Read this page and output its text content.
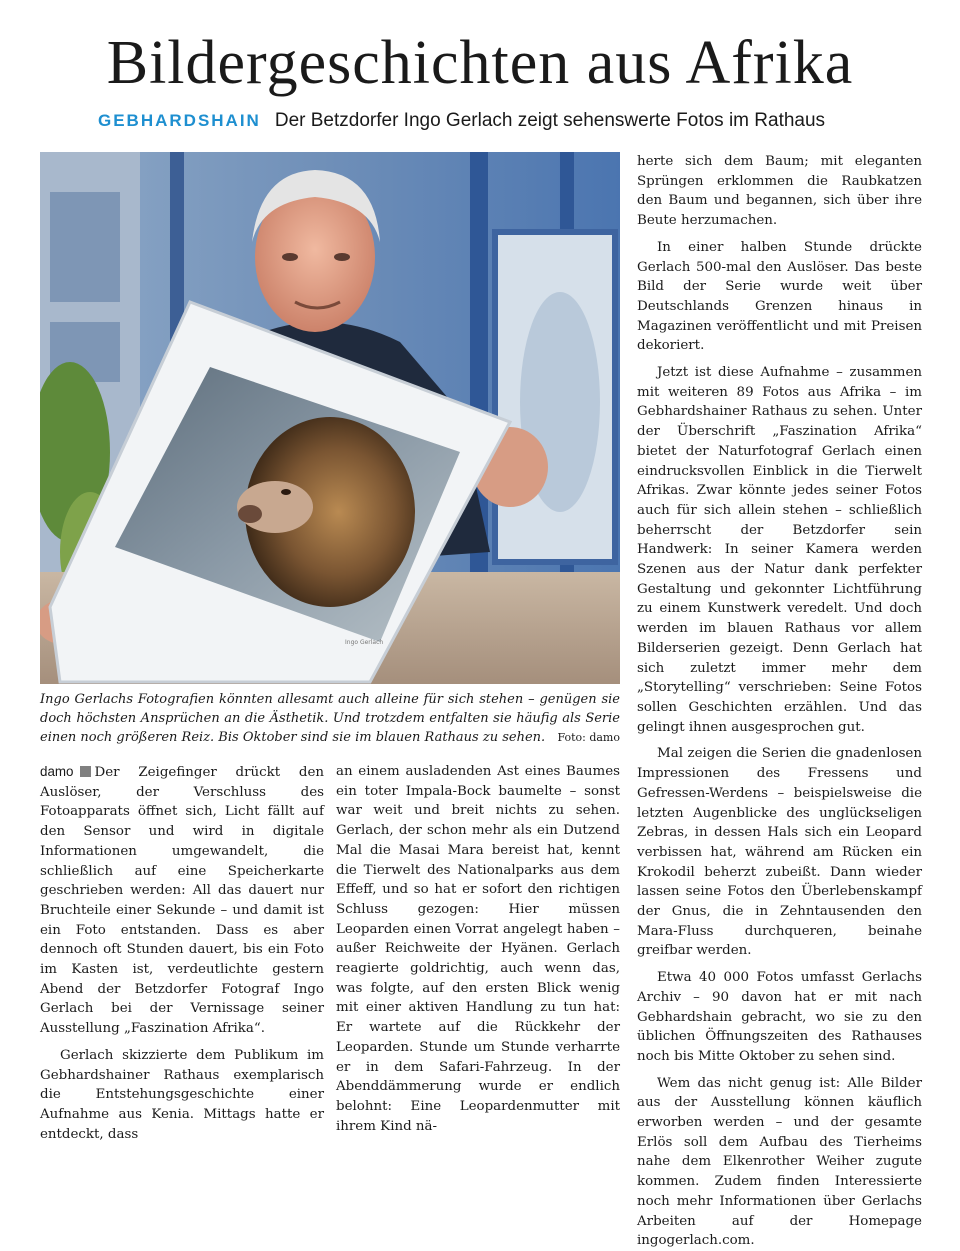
Bildergeschichten aus Afrika
GEBHARDSHAIN Der Betzdorfer Ingo Gerlach zeigt sehenswerte Fotos im Rathaus
Ingo Gerlach
Ingo Gerlachs Fotografien könnten allesamt auch alleine für sich stehen – genügen sie doch höchsten Ansprüchen an die Ästhetik. Und trotzdem entfalten sie häufig als Serie einen noch größeren Reiz. Bis Oktober sind sie im blauen Rathaus zu sehen. Foto: damo

damo Der Zeigefinger drückt den Auslöser, der Verschluss des Fotoapparats öffnet sich, Licht fällt auf den Sensor und wird in digitale Informationen umgewandelt, die schließlich auf eine Speicherkarte geschrieben werden: All das dauert nur Bruchteile einer Sekunde – und damit ist ein Foto entstanden. Dass es aber dennoch oft Stunden dauert, bis ein Foto im Kasten ist, verdeutlichte gestern Abend der Betzdorfer Fotograf Ingo Gerlach bei der Vernissage seiner Ausstellung „Faszination Afrika“.

Gerlach skizzierte dem Publikum im Gebhardshainer Rathaus exemplarisch die Entstehungsgeschichte einer Aufnahme aus Kenia. Mittags hatte er entdeckt, dass

an einem ausladenden Ast eines Baumes ein toter Impala-Bock baumelte – sonst war weit und breit nichts zu sehen. Gerlach, der schon mehr als ein Dutzend Mal die Masai Mara bereist hat, kennt die Tierwelt des Nationalparks aus dem Effeff, und so hat er sofort den richtigen Schluss gezogen: Hier müssen Leoparden einen Vorrat angelegt haben – außer Reichweite der Hyänen. Gerlach reagierte goldrichtig, auch wenn das, was folgte, auf den ersten Blick wenig mit einer aktiven Handlung zu tun hat: Er wartete auf die Rückkehr der Leoparden. Stunde um Stunde verharrte er in dem Safari-Fahrzeug. In der Abenddämmerung wurde er endlich belohnt: Eine Leopardenmutter mit ihrem Kind nä-

herte sich dem Baum; mit eleganten Sprüngen erklommen die Raubkatzen den Baum und begannen, sich über ihre Beute herzumachen.

In einer halben Stunde drückte Gerlach 500-mal den Auslöser. Das beste Bild der Serie wurde weit über Deutschlands Grenzen hinaus in Magazinen veröffentlicht und mit Preisen dekoriert.

Jetzt ist diese Aufnahme – zusammen mit weiteren 89 Fotos aus Afrika – im Gebhardshainer Rathaus zu sehen. Unter der Überschrift „Faszination Afrika“ bietet der Naturfotograf Gerlach einen eindrucksvollen Einblick in die Tierwelt Afrikas. Zwar könnte jedes seiner Fotos auch für sich allein stehen – schließlich beherrscht der Betzdorfer sein Handwerk: In seiner Kamera werden Szenen aus der Natur dank perfekter Gestaltung und gekonnter Lichtführung zu einem Kunstwerk veredelt. Und doch werden im blauen Rathaus vor allem Bilderserien gezeigt. Denn Gerlach hat sich zuletzt immer mehr dem „Storytelling“ verschrieben: Seine Fotos sollen Geschichten erzählen. Und das gelingt ihnen ausgesprochen gut.

Mal zeigen die Serien die gnadenlosen Impressionen des Fressens und Gefressen-Werdens – beispielsweise die letzten Augenblicke des unglückseligen Zebras, in dessen Hals sich ein Leopard verbissen hat, während am Rücken ein Krokodil beherzt zubeißt. Dann wieder lassen seine Fotos den Überlebenskampf der Gnus, die in Zehntausenden den Mara-Fluss durchqueren, beinahe greifbar werden.

Etwa 40 000 Fotos umfasst Gerlachs Archiv – 90 davon hat er mit nach Gebhardshain gebracht, wo sie zu den üblichen Öffnungszeiten des Rathauses noch bis Mitte Oktober zu sehen sind.

Wem das nicht genug ist: Alle Bilder aus der Ausstellung können käuflich erworben werden – und der gesamte Erlös soll dem Aufbau des Tierheims nahe dem Elkenrother Weiher zugute kommen. Zudem finden Interessierte noch mehr Informationen über Gerlachs Arbeiten auf der Homepage ingogerlach.com.
